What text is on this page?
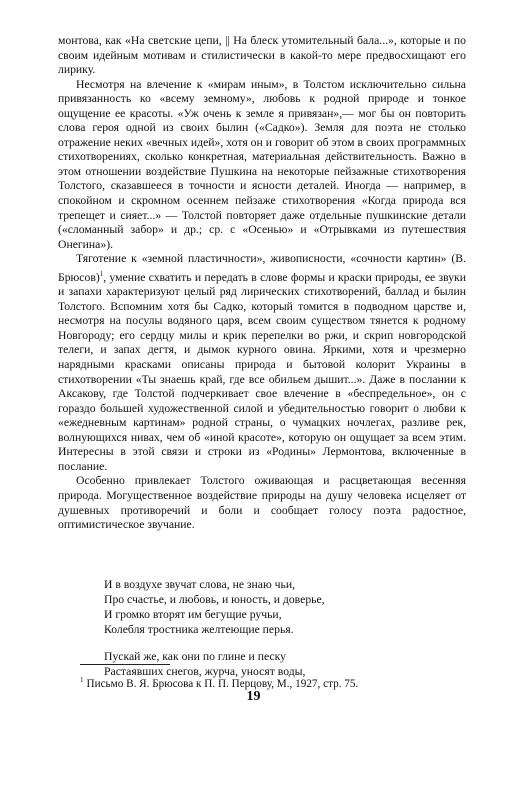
монтова, как «На светские цепи, || На блеск утомительный бала...», которые и по своим идейным мотивам и стилистически в какой-то мере предвосхищают его лирику.

Несмотря на влечение к «мирам иным», в Толстом исключительно сильна привязанность ко «всему земному», любовь к родной природе и тонкое ощущение ее красоты. «Уж очень к земле я привязан»,— мог бы он повторить слова героя одной из своих былин («Садко»). Земля для поэта не столько отражение неких «вечных идей», хотя он и говорит об этом в своих программных стихотворениях, сколько конкретная, материальная действительность. Важно в этом отношении воздействие Пушкина на некоторые пейзажные стихотворения Толстого, сказавшееся в точности и ясности деталей. Иногда — например, в спокойном и скромном осеннем пейзаже стихотворения «Когда природа вся трепещет и сияет...» — Толстой повторяет даже отдельные пушкинские детали («сломанный забор» и др.; ср. с «Осенью» и «Отрывками из путешествия Онегина»).

Тяготение к «земной пластичности», живописности, «сочности картин» (В. Брюсов)$^1$, умение схватить и передать в слове формы и краски природы, ее звуки и запахи характеризуют целый ряд лирических стихотворений, баллад и былин Толстого. Вспомним хотя бы Садко, который томится в подводном царстве и, несмотря на посулы водяного царя, всем своим существом тянется к родному Новгороду; его сердцу милы и крик перепелки во ржи, и скрип новгородской телеги, и запах дегтя, и дымок курного овина. Яркими, хотя и чрезмерно нарядными красками описаны природа и бытовой колорит Украины в стихотворении «Ты знаешь край, где все обильем дышит...». Даже в послании к Аксакову, где Толстой подчеркивает свое влечение в «беспредельное», он с гораздо большей художественной силой и убедительностью говорит о любви к «ежедневным картинам» родной страны, о чумацких ночлегах, разливе рек, волнующихся нивах, чем об «иной красоте», которую он ощущает за всем этим. Интересны в этой связи и строки из «Родины» Лермонтова, включенные в послание.

Особенно привлекает Толстого оживающая и расцветающая весенняя природа. Могущественное воздействие природы на душу человека исцеляет от душевных противоречий и боли и сообщает голосу поэта радостное, оптимистическое звучание.

И в воздухе звучат слова, не знаю чьи,
Про счастье, и любовь, и юность, и доверье,
И громко вторят им бегущие ручьи,
Колебля тростника желтеющие перья.
Пускай же, как они по глине и песку
Растаявших снегов, журча, уносят воды,
$^1$ Письмо В. Я. Брюсова к П. П. Перцову, М., 1927, стр. 75.
19
